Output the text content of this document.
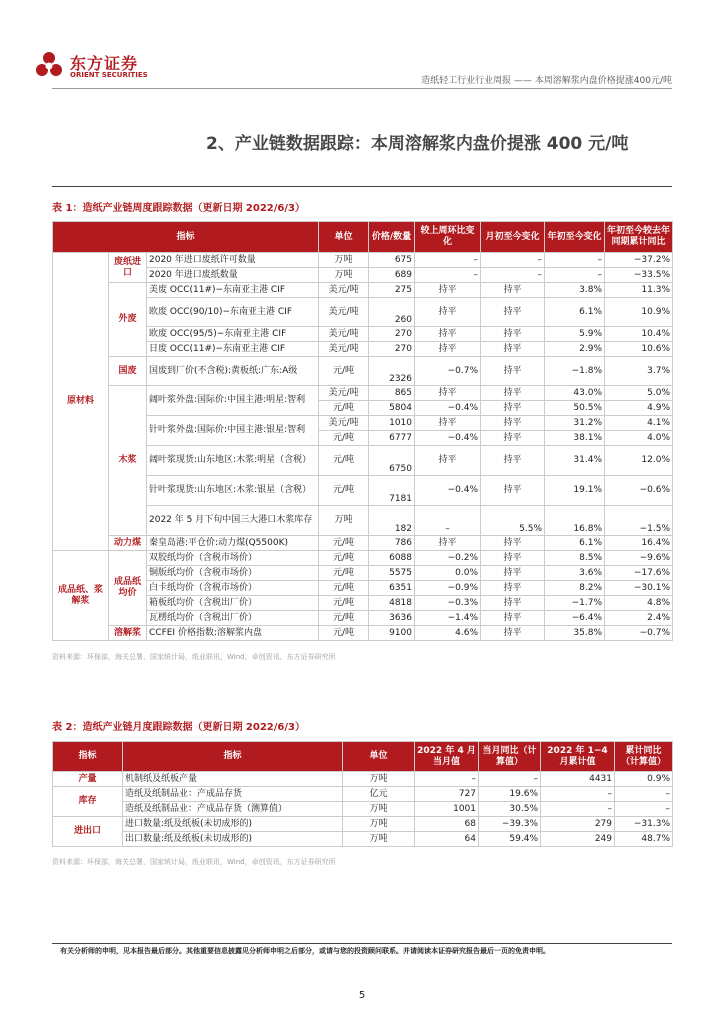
东方证券
ORIENT SECURITIES
造纸轻工行业行业周报 —— 本周溶解浆内盘价格提涨400元/吨
2、产业链数据跟踪：本周溶解浆内盘价提涨 400 元/吨
表 1：造纸产业链周度跟踪数据（更新日期 2022/6/3）
指标			单位	价格/数量	较上周环比变化	月初至今变化	年初至今变化	年初至今较去年同期累计同比
原材料	废纸进口	2020 年进口废纸许可数量	万吨	675	–	–	–	−37.2%
		2020 年进口废纸数量	万吨	689	–	–	–	−33.5%
	外废	美废 OCC(11#)−东南亚主港 CIF	美元/吨	275	持平	持平	3.8%	11.3%
		欧废 OCC(90/10)−东南亚主港 CIF	美元/吨	260	持平	持平	6.1%	10.9%
		欧废 OCC(95/5)−东南亚主港 CIF	美元/吨	270	持平	持平	5.9%	10.4%
		日废 OCC(11#)−东南亚主港 CIF	美元/吨	270	持平	持平	2.9%	10.6%
	国废	国废到厂价(不含税):黄板纸:广东:A级	元/吨	2326	−0.7%	持平	−1.8%	3.7%
	木浆	阔叶浆外盘:国际价:中国主港:明星:智利	美元/吨	865	持平	持平	43.0%	5.0%
			元/吨	5804	−0.4%	持平	50.5%	4.9%
		针叶浆外盘:国际价:中国主港:银星:智利	美元/吨	1010	持平	持平	31.2%	4.1%
			元/吨	6777	−0.4%	持平	38.1%	4.0%
		阔叶浆现货:山东地区:木浆:明星（含税）	元/吨	6750	持平	持平	31.4%	12.0%
		针叶浆现货:山东地区:木浆:银星（含税）	元/吨	7181	−0.4%	持平	19.1%	−0.6%
		2022 年 5 月下旬中国三大港口木浆库存	万吨	182	–	5.5%	16.8%	−1.5%
	动力煤	秦皇岛港:平仓价:动力煤(Q5500K)	元/吨	786	持平	持平	6.1%	16.4%
成品纸、浆解浆	成品纸均价	双胶纸均价（含税市场价）	元/吨	6088	−0.2%	持平	8.5%	−9.6%
		铜版纸均价（含税市场价）	元/吨	5575	0.0%	持平	3.6%	−17.6%
		白卡纸均价（含税市场价）	元/吨	6351	−0.9%	持平	8.2%	−30.1%
		箱板纸均价（含税出厂价）	元/吨	4818	−0.3%	持平	−1.7%	4.8%
		瓦楞纸均价（含税出厂价）	元/吨	3636	−1.4%	持平	−6.4%	2.4%
	溶解浆	CCFEI 价格指数:溶解浆内盘	元/吨	9100	4.6%	持平	35.8%	−0.7%
资料来源：环保部，海关总署，国家统计局，纸业联讯，Wind，卓创资讯，东方证券研究所
表 2：造纸产业链月度跟踪数据（更新日期 2022/6/3）
指标	指标	单位	2022 年 4 月当月值	当月同比（计算值）	2022 年 1−4 月累计值	累计同比（计算值）
产量	机制纸及纸板产量	万吨	–	–	4431	0.9%
库存	造纸及纸制品业：产成品存货	亿元	727	19.6%	–	–
	造纸及纸制品业：产成品存货（测算值）	万吨	1001	30.5%	–	–
进出口	进口数量:纸及纸板(未切成形的)	万吨	68	−39.3%	279	−31.3%
	出口数量:纸及纸板(未切成形的)	万吨	64	59.4%	249	48.7%
资料来源：环保部，海关总署，国家统计局，纸业联讯，Wind，卓创资讯，东方证券研究所
有关分析师的申明，见本报告最后部分。其他重要信息披露见分析师申明之后部分，或请与您的投资顾问联系。并请阅读本证券研究报告最后一页的免责申明。
5
